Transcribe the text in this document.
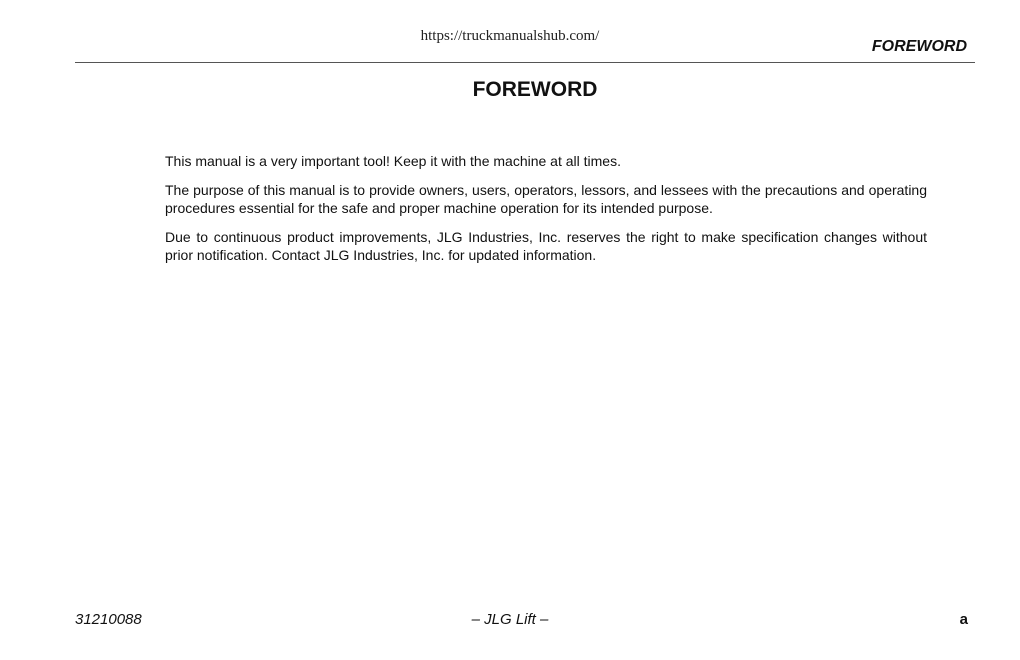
https://truckmanualshub.com/
FOREWORD
FOREWORD

This manual is a very important tool! Keep it with the machine at all times.

The purpose of this manual is to provide owners, users, operators, lessors, and lessees with the precautions and operating procedures essential for the safe and proper machine operation for its intended purpose.

Due to continuous product improvements, JLG Industries, Inc. reserves the right to make specification changes without prior notification. Contact JLG Industries, Inc. for updated information.

31210088	– JLG Lift –	a
